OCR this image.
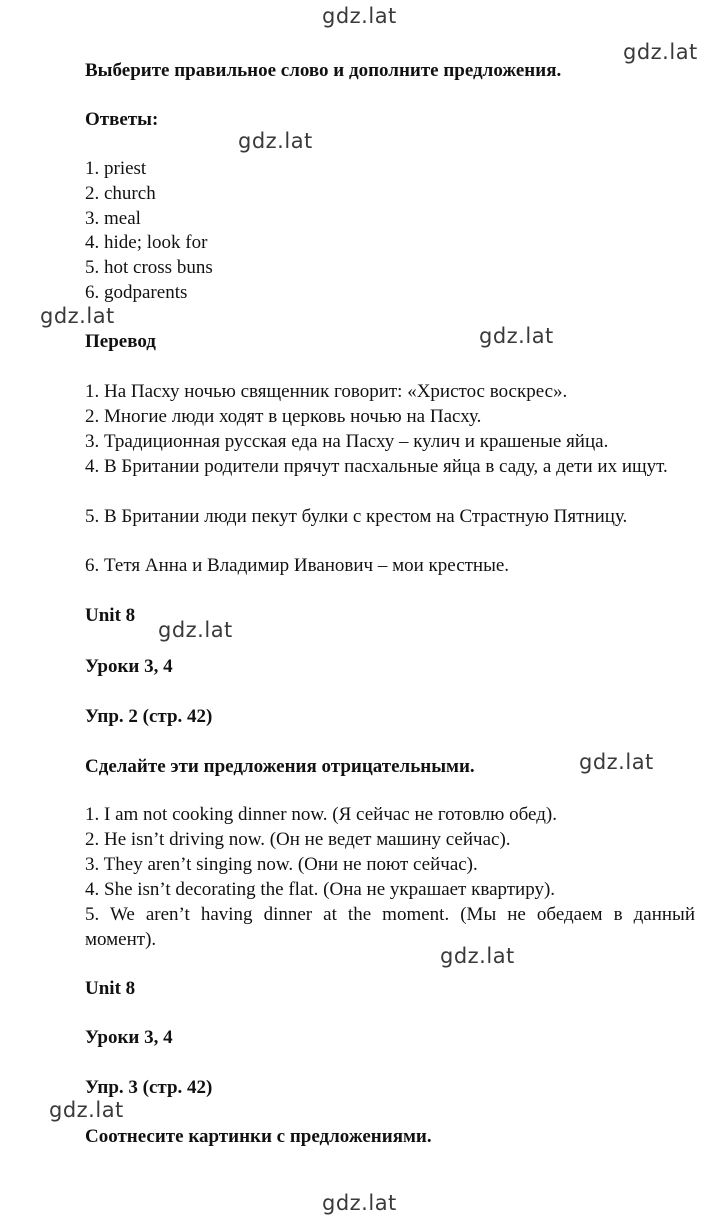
Выберите правильное слово и дополните предложения.
Ответы:
1. priest
2. church
3. meal
4. hide; look for
5. hot cross buns
6. godparents
Перевод
1. На Пасху ночью священник говорит: «Христос воскрес».
2. Многие люди ходят в церковь ночью на Пасху.
3. Традиционная русская еда на Пасху – кулич и крашеные яйца.
4. В Британии родители прячут пасхальные яйца в саду, а дети их ищут.
5. В Британии люди пекут булки с крестом на Страстную Пятницу.
6. Тетя Анна и Владимир Иванович – мои крестные.
Unit 8
Уроки 3, 4
Упр. 2 (стр. 42)
Сделайте эти предложения отрицательными.
1. I am not cooking dinner now. (Я сейчас не готовлю обед).
2. He isn’t driving now. (Он не ведет машину сейчас).
3. They aren’t singing now. (Они не поют сейчас).
4. She isn’t decorating the flat. (Она не украшает квартиру).
5. We aren’t having dinner at the moment. (Мы не обедаем в данный момент).
Unit 8
Уроки 3, 4
Упр. 3 (стр. 42)
Соотнесите картинки с предложениями.
gdz.lat
gdz.lat
gdz.lat
gdz.lat
gdz.lat
gdz.lat
gdz.lat
gdz.lat
gdz.lat
gdz.lat
